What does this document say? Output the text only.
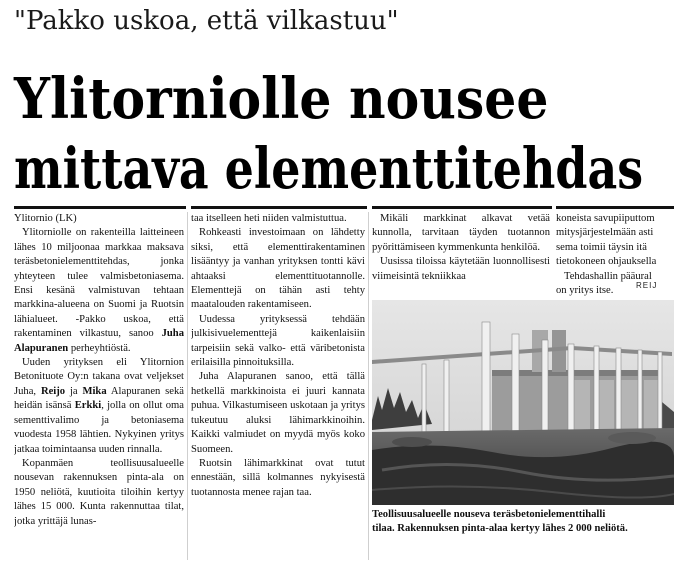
"Pakko uskoa, että vilkastuu"
Ylitorniolle nousee
mittava elementtitehdas

Ylitornio (LK)

Ylitorniolle on rakenteilla laitteineen lähes 10 miljoonaa markkaa maksava teräsbetonielementtitehdas, jonka yhteyteen tulee valmisbetoniasema. Ensi kesänä valmistuvan tehtaan markkina-alueena on Suomi ja Ruotsin lähialueet. -Pakko uskoa, että rakentaminen vilkastuu, sanoo Juha Alapuranen perheyhtiöstä.

Uuden yrityksen eli Ylitornion Betonituote Oy:n takana ovat veljekset Juha, Reijo ja Mika Alapuranen sekä heidän isänsä Erkki, jolla on ollut oma sementtivalimo ja betoniasema vuodesta 1958 lähtien. Nykyinen yritys jatkaa toimintaansa uuden rinnalla.

Kopanmäen teollisuusalueelle nousevan rakennuksen pinta-ala on 1950 neliötä, kuutioita tiloihin kertyy lähes 15 000. Kunta rakennuttaa tilat, jotka yrittäjä lunas-

taa itselleen heti niiden valmistuttua.

Rohkeasti investoimaan on lähdetty siksi, että elementtirakentaminen lisääntyy ja vanhan yrityksen tontti kävi ahtaaksi elementtituotannolle. Elementtejä on tähän asti tehty maatalouden rakentamiseen.

Uudessa yrityksessä tehdään julkisivuelementtejä kaikenlaisiin tarpeisiin sekä valko- että väribetonista erilaisilla pinnoituksilla.

Juha Alapuranen sanoo, että tällä hetkellä markkinoista ei juuri kannata puhua. Vilkastumiseen uskotaan ja yritys tukeutuu aluksi lähimarkkinoihin. Kaikki valmiudet on myydä myös koko Suomeen.

Ruotsin lähimarkkinat ovat tutut ennestään, sillä kolmannes nykyisestä tuotannosta menee rajan taa.

Mikäli markkinat alkavat vetää kunnolla, tarvitaan täyden tuotannon pyörittämiseen kymmenkunta henkilöä.

Uusissa tiloissa käytetään luonnollisesti viimeisintä tekniikkaa

koneista savupiiputtom

mitysjärjestelmään asti

sema toimii täysin itä

tietokoneen ohjauksella

Tehdashallin pääural

on yritys itse.	REIJ
Teollisuusalueelle nouseva teräsbetonielementtihalli
tilaa. Rakennuksen pinta-alaa kertyy lähes 2 000 neliötä.
